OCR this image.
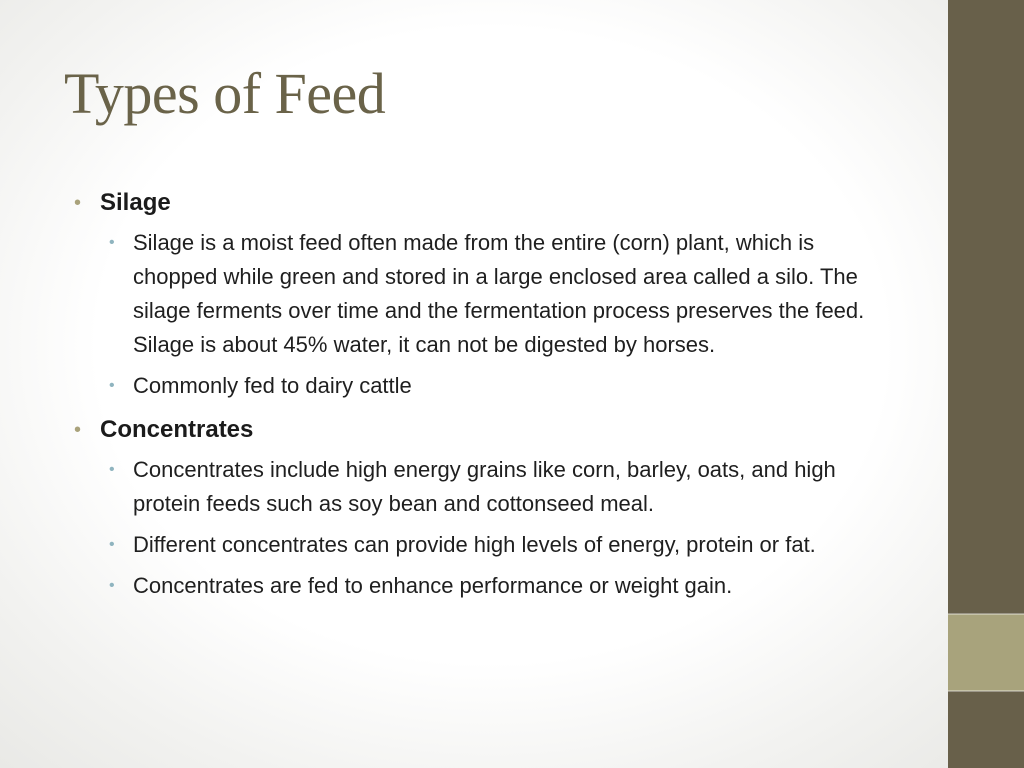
Types of Feed
• Silage
• Silage is a moist feed often made from the entire (corn) plant, which is chopped while green and stored in a large enclosed area called a silo. The silage ferments over time and the fermentation process preserves the feed. Silage is about 45% water, it can not be digested by horses.
• Commonly fed to dairy cattle
• Concentrates
• Concentrates include high energy grains like corn, barley, oats, and high protein feeds such as soy bean and cottonseed meal.
• Different concentrates can provide high levels of energy, protein or fat.
• Concentrates are fed to enhance performance or weight gain.
